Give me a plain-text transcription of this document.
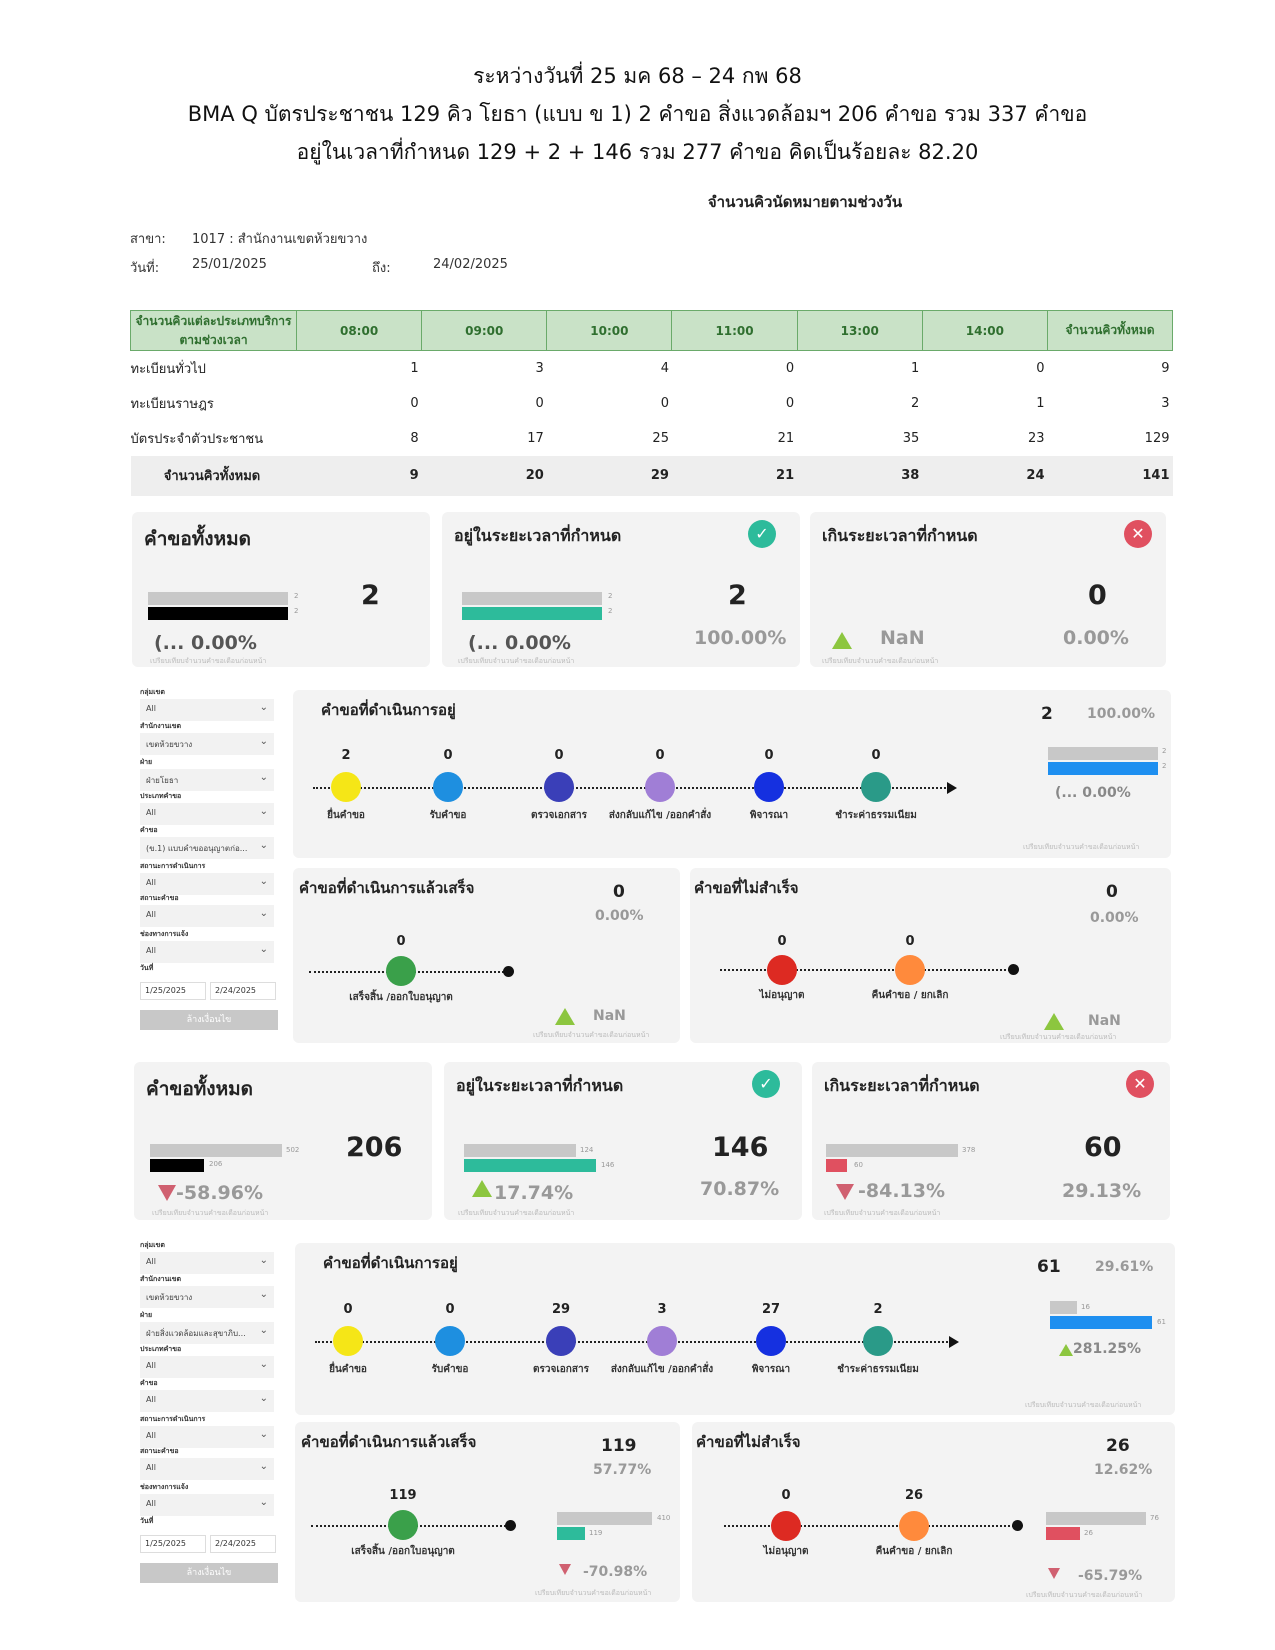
ระหว่างวันที่ 25 มค 68 – 24 กพ 68
BMA Q บัตรประชาชน 129 คิว โยธา (แบบ ข 1) 2 คำขอ สิ่งแวดล้อมฯ 206 คำขอ รวม 337 คำขอ
อยู่ในเวลาที่กำหนด 129 + 2 + 146 รวม 277 คำขอ คิดเป็นร้อยละ 82.20
จำนวนคิวนัดหมายตามช่วงวัน
สาขา: 1017 : สำนักงานเขตห้วยขวาง
วันที่:	25/01/2025	ถึง:	24/02/2025
จำนวนคิวแต่ละประเภทบริการตามช่วงเวลา	08:00	09:00	10:00	11:00	13:00	14:00	จำนวนคิวทั้งหมด
ทะเบียนทั่วไป	1	3	4	0	1	0	9
ทะเบียนราษฎร	0	0	0	0	2	1	3
บัตรประจำตัวประชาชน	8	17	25	21	35	23	129
จำนวนคิวทั้งหมด	9	20	29	21	38	24	141
คำขอทั้งหมด
2
2 2
(... 0.00%
เปรียบเทียบจำนวนคำขอเดือนก่อนหน้า
อยู่ในระยะเวลาที่กำหนด	✓
2
2	2
100.00%
(... 0.00%
เปรียบเทียบจำนวนคำขอเดือนก่อนหน้า
เกินระยะเวลาที่กำหนด	✕
0
NaN	0.00%
เปรียบเทียบจำนวนคำขอเดือนก่อนหน้า
กลุ่มเขต
All	⌄
สำนักงานเขต
เขตห้วยขวาง	⌄
ฝ่าย
ฝ่ายโยธา	⌄
ประเภทคำขอ
All	⌄
คำขอ
(ข.1) แบบคำขออนุญาตก่อ... ⌄
สถานะการดำเนินการ
All	⌄
สถานะคำขอ
All	⌄
ช่องทางการแจ้ง
All	⌄
วันที่
1/25/2025	2/24/2025
ล้างเงื่อนไข
คำขอที่ดำเนินการอยู่	2 100.00%
2
ยื่นคำขอ
0
รับคำขอ
0
ตรวจเอกสาร
0
ส่งกลับแก้ไข /ออกคำสั่ง
0
พิจารณา
0
ชำระค่าธรรมเนียม
2
2
(... 0.00%
เปรียบเทียบจำนวนคำขอเดือนก่อนหน้า
คำขอที่ดำเนินการแล้วเสร็จ	0
0.00%
0
เสร็จสิ้น /ออกใบอนุญาต
NaN
เปรียบเทียบจำนวนคำขอเดือนก่อนหน้า
คำขอที่ไม่สำเร็จ	0
0.00%
0
ไม่อนุญาต
0
คืนคำขอ / ยกเลิก
NaN
เปรียบเทียบจำนวนคำขอเดือนก่อนหน้า
คำขอทั้งหมด
502
206
206
-58.96%
เปรียบเทียบจำนวนคำขอเดือนก่อนหน้า
อยู่ในระยะเวลาที่กำหนด	✓
124
146
146
70.87%
17.74%
เปรียบเทียบจำนวนคำขอเดือนก่อนหน้า
เกินระยะเวลาที่กำหนด	✕
378
60
60
-84.13%	29.13%
เปรียบเทียบจำนวนคำขอเดือนก่อนหน้า
กลุ่มเขต
All	⌄
สำนักงานเขต
เขตห้วยขวาง	⌄
ฝ่าย
ฝ่ายสิ่งแวดล้อมและสุขาภิบ... ⌄
ประเภทคำขอ
All	⌄
คำขอ
All	⌄
สถานะการดำเนินการ
All	⌄
สถานะคำขอ
All	⌄
ช่องทางการแจ้ง
All	⌄
วันที่
1/25/2025	2/24/2025
ล้างเงื่อนไข
คำขอที่ดำเนินการอยู่	61 29.61%
0
ยื่นคำขอ
0
รับคำขอ
29
ตรวจเอกสาร
3
ส่งกลับแก้ไข /ออกคำสั่ง
27
พิจารณา
2
ชำระค่าธรรมเนียม
16
61
281.25%
เปรียบเทียบจำนวนคำขอเดือนก่อนหน้า
คำขอที่ดำเนินการแล้วเสร็จ	119
57.77%
119
เสร็จสิ้น /ออกใบอนุญาต
410
119
-70.98%
เปรียบเทียบจำนวนคำขอเดือนก่อนหน้า
คำขอที่ไม่สำเร็จ	26
12.62%
0
ไม่อนุญาต
26
คืนคำขอ / ยกเลิก
76
26
-65.79%
เปรียบเทียบจำนวนคำขอเดือนก่อนหน้า
